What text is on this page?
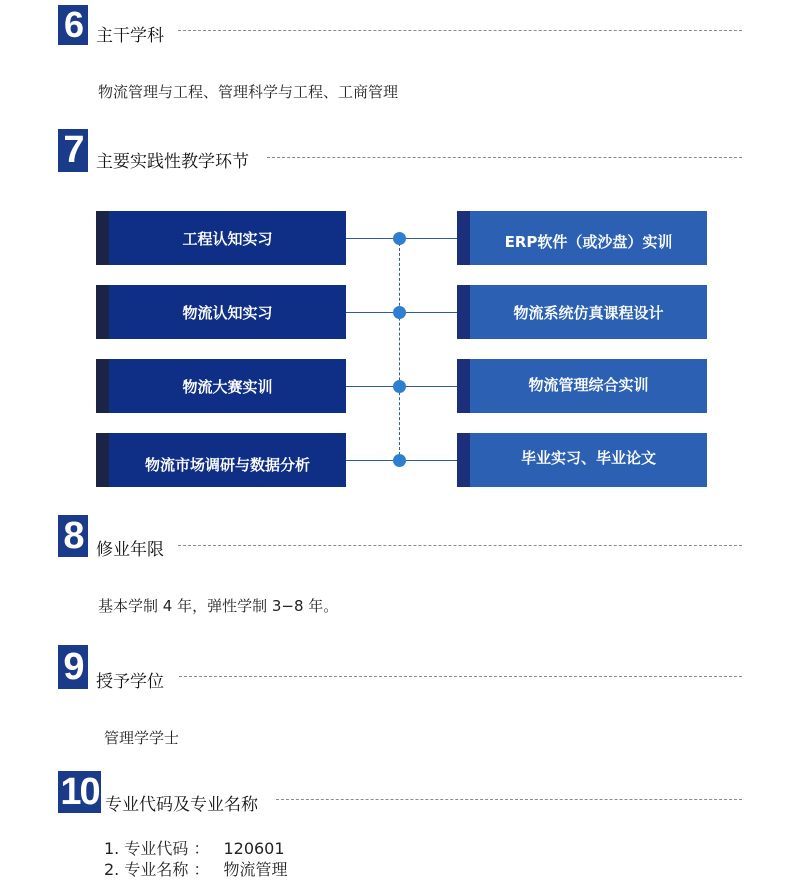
6 主干学科
物流管理与工程、管理科学与工程、工商管理
7 主要实践性教学环节
工程认知实习
物流认知实习
物流大赛实训
物流市场调研与数据分析
ERP软件（或沙盘）实训
物流系统仿真课程设计
物流管理综合实训
毕业实习、毕业论文
8 修业年限
基本学制 4 年，弹性学制 3−8 年。
9 授予学位
管理学学士
10 专业代码及专业名称
1. 专业代码 ： 120601
2. 专业名称 ： 物流管理
